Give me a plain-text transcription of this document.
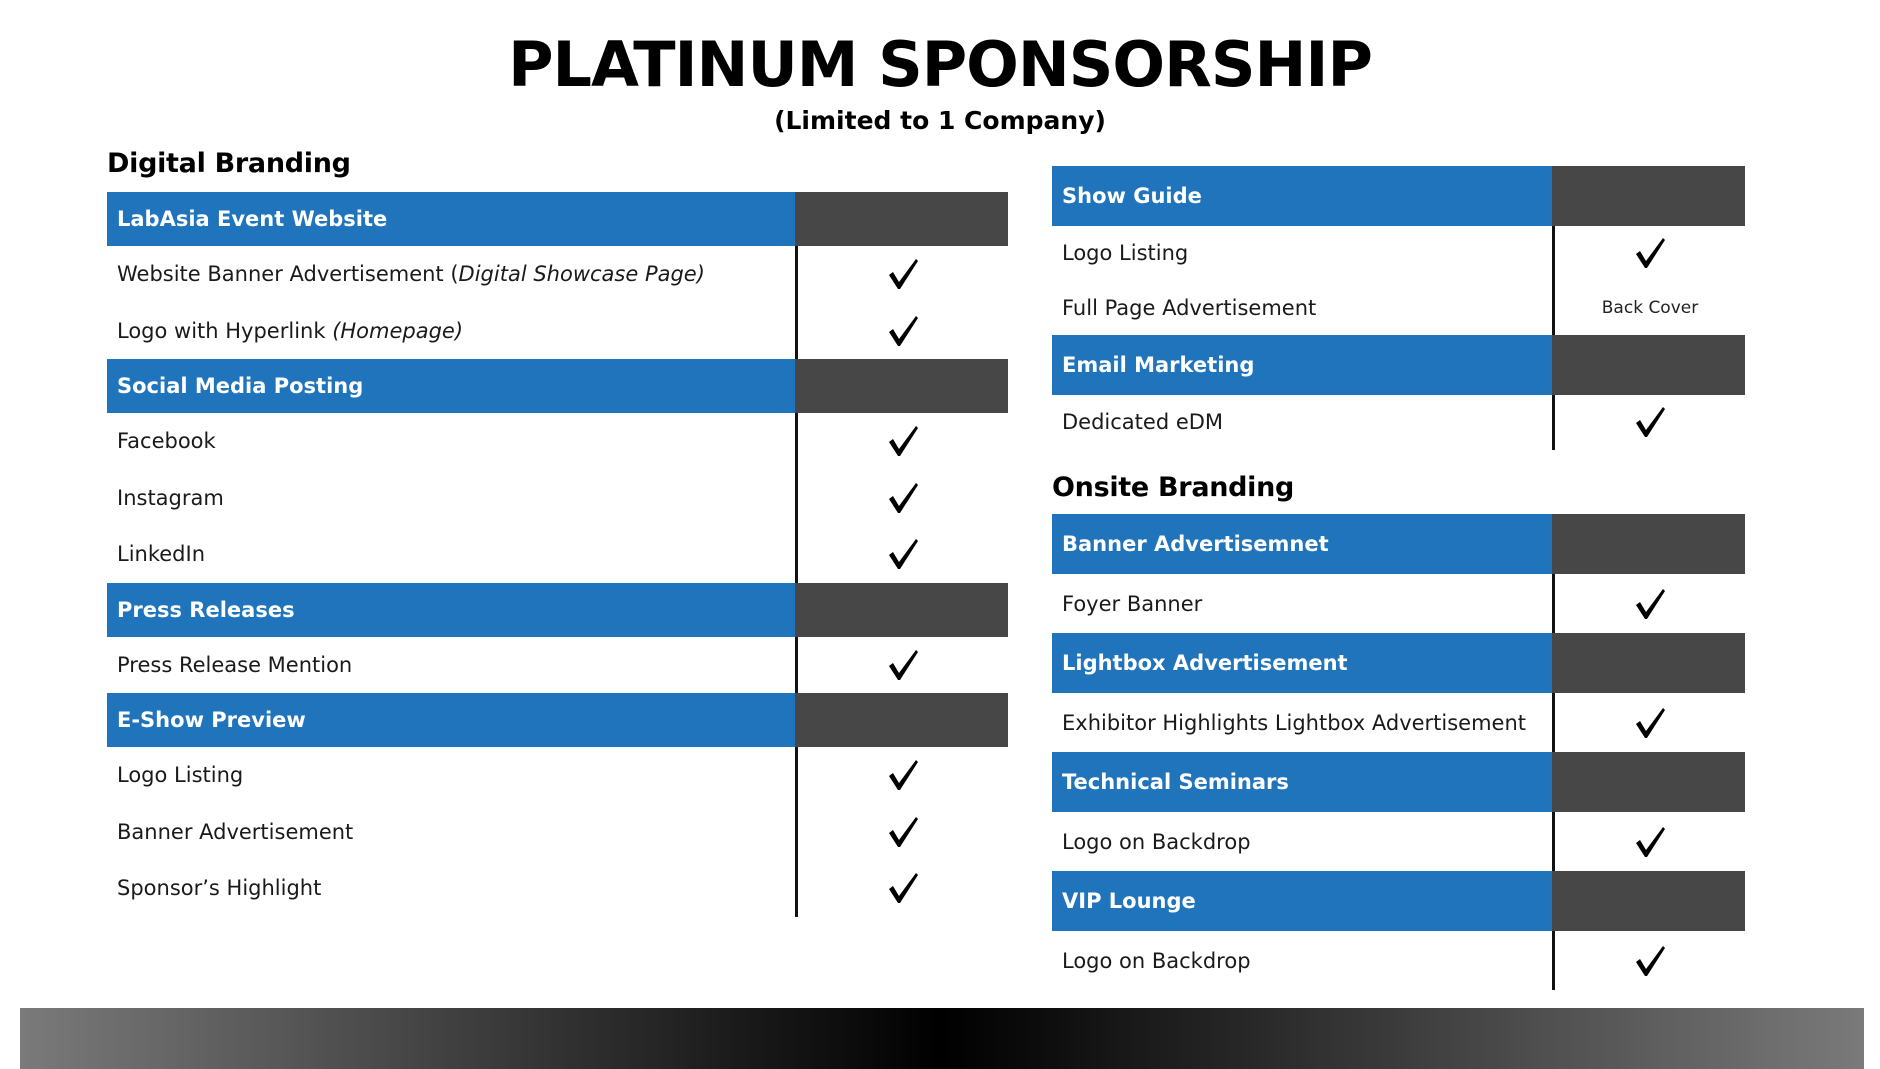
PLATINUM SPONSORSHIP
(Limited to 1 Company)
Digital Branding
LabAsia Event Website
Website Banner Advertisement (Digital Showcase Page)
Logo with Hyperlink (Homepage)
Social Media Posting
Facebook
Instagram
LinkedIn
Press Releases
Press Release Mention
E-Show Preview
Logo Listing
Banner Advertisement
Sponsor’s Highlight
Show Guide
Logo Listing
Full Page Advertisement	Back Cover
Email Marketing
Dedicated eDM
Onsite Branding
Banner Advertisemnet
Foyer Banner
Lightbox Advertisement
Exhibitor Highlights Lightbox Advertisement
Technical Seminars
Logo on Backdrop
VIP Lounge
Logo on Backdrop
